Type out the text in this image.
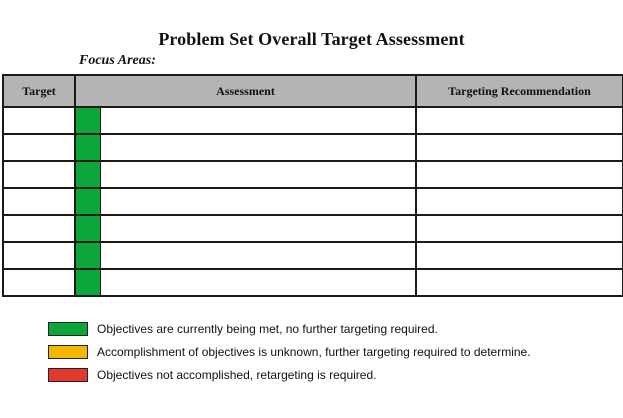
Problem Set Overall Target Assessment
Focus Areas:
Target	Assessment	Targeting Recommendation

Objectives are currently being met, no further targeting required.
Accomplishment of objectives is unknown, further targeting required to determine.
Objectives not accomplished, retargeting is required.
